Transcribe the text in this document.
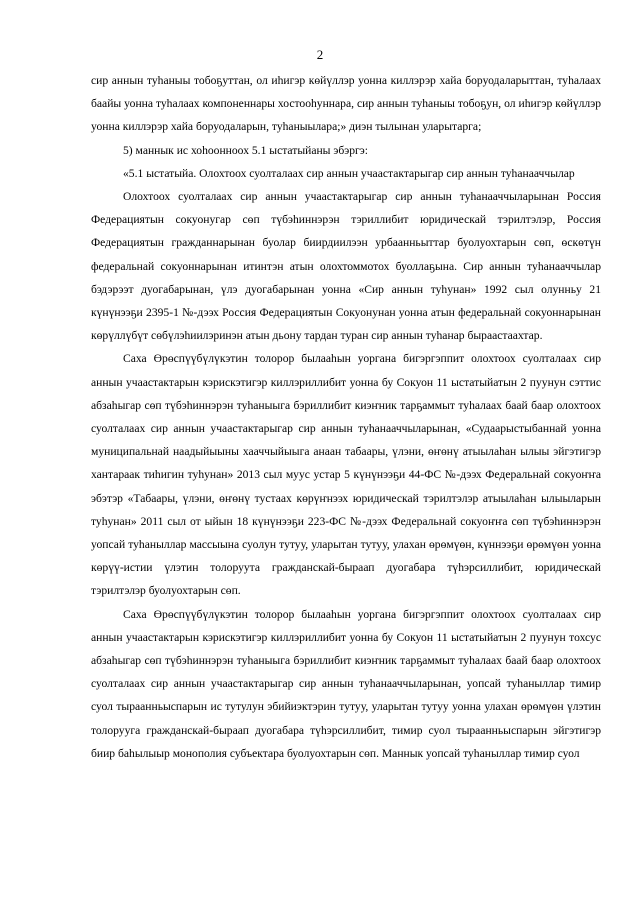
2

сир аннын туһаныы тобоҕуттан, ол иһигэр көйүллэр уонна киллэрэр хайа боруодаларыттан, туһалаах баайы уонна туһалаах компоненнары хостооһуннара, сир аннын туһаныы тобоҕун, ол иһигэр көйүллэр уонна киллэрэр хайа боруодаларын, туһаныылара;» диэн тылынан уларытарга;

5) маннык ис хоһоонноох 5.1 ыстатыйаны эбэргэ:

«5.1 ыстатыйа. Олохтоох суолталаах сир аннын учаастактарыгар сир аннын туһанааччылар

Олохтоох суолталаах сир аннын учаастактарыгар сир аннын туһанааччыларынан Россия Федерациятын сокуонугар сөп түбэһиннэрэн тэриллибит юридическай тэрилтэлэр, Россия Федерациятын гражданнарынан буолар биирдиилээн урбаанньыттар буолуохтарын сөп, өскөтүн федеральнай сокуоннарынан итинтэн атын олохтоммотох буоллаҕына. Сир аннын туһанааччылар бэдэрээт дуогабарынан, үлэ дуогабарынан уонна «Сир аннын туһунан» 1992 сыл олунньу 21 күнүнээҕи 2395-1 №-дээх Россия Федерациятын Сокуонунан уонна атын федеральнай сокуоннарынан көрүллүбүт сөбүлэһиилэринэн атын дьону тардан туран сир аннын туһанар быраастаахтар.

Саха Өрөспүүбүлүкэтин толорор былааһын уоргана бигэргэппит олохтоох суолталаах сир аннын учаастактарын кэрискэтигэр киллэриллибит уонна бу Сокуон 11 ыстатыйатын 2 пуунун сэттис абзаһыгар сөп түбэһиннэрэн туһаныыга бэриллибит киэҥник тарҕаммыт туһалаах баай баар олохтоох суолталаах сир аннын учаастактарыгар сир аннын туһанааччыларынан, «Судаарыстыбаннай уонна муниципальнай наадыйыыны хааччыйыыга анаан табаары, үлэни, өҥөнү атыылаһан ылыы эйгэтигэр хантараак тиһигин туһунан» 2013 сыл муус устар 5 күнүнээҕи 44-ФС №-дээх Федеральнай сокуоҥҥа эбэтэр «Табаары, үлэни, өҥөнү тустаах көрүҥнээх юридическай тэрилтэлэр атыылаһан ылыыларын туһунан» 2011 сыл от ыйын 18 күнүнээҕи 223-ФС №-дээх Федеральнай сокуоҥҥа сөп түбэһиннэрэн уопсай туһаныллар массыына суолун тутуу, уларытан тутуу, улахан өрөмүөн, күннээҕи өрөмүөн уонна көрүү-истии үлэтин толоруута гражданскай-быраап дуогабара түһэрсиллибит, юридическай тэрилтэлэр буолуохтарын сөп.

Саха Өрөспүүбүлүкэтин толорор былааһын уоргана бигэргэппит олохтоох суолталаах сир аннын учаастактарын кэрискэтигэр киллэриллибит уонна бу Сокуон 11 ыстатыйатын 2 пуунун тохсус абзаһыгар сөп түбэһиннэрэн туһаныыга бэриллибит киэҥник тарҕаммыт туһалаах баай баар олохтоох суолталаах сир аннын учаастактарыгар сир аннын туһанааччыларынан, уопсай туһаныллар тимир суол тыраанньыспарын ис тутулун эбийиэктэрин тутуу, уларытан тутуу уонна улахан өрөмүөн үлэтин толорууга гражданскай-быраап дуогабара түһэрсиллибит, тимир суол тыраанньыспарын эйгэтигэр биир баһылыыр монополия субъектара буолуохтарын сөп. Маннык уопсай туһаныллар тимир суол
